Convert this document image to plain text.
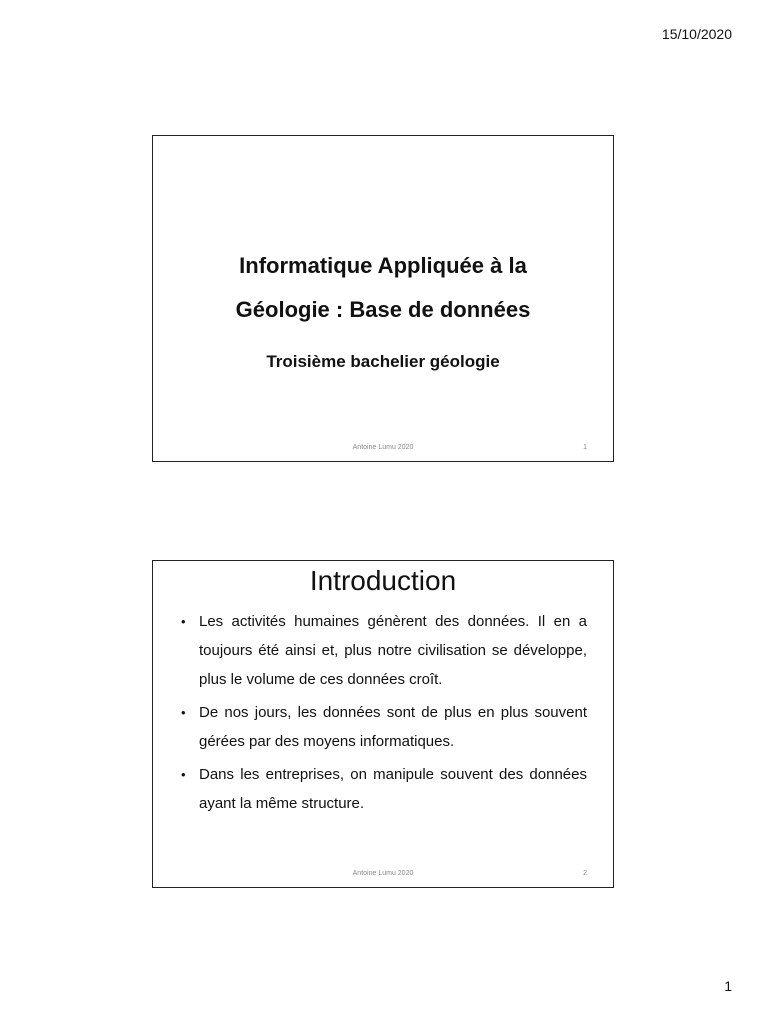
15/10/2020
Informatique Appliquée à la
Géologie : Base de données
Troisième bachelier géologie
Antoine Lumu 2020	1
Introduction
• Les activités humaines génèrent des données. Il en a toujours été ainsi et, plus notre civilisation se développe, plus le volume de ces données croît.
• De nos jours, les données sont de plus en plus souvent gérées par des moyens informatiques.
• Dans les entreprises, on manipule souvent des données ayant la même structure.
Antoine Lumu 2020	2
1
